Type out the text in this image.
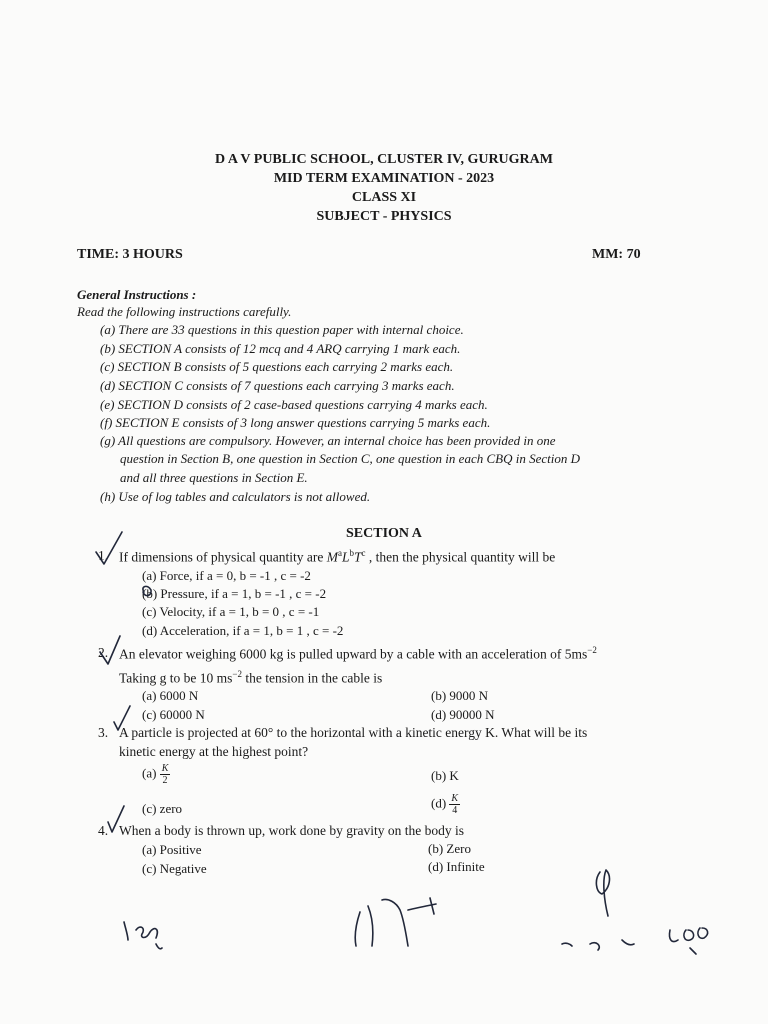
D A V PUBLIC SCHOOL, CLUSTER IV, GURUGRAM
MID TERM EXAMINATION - 2023
CLASS XI
SUBJECT - PHYSICS
TIME: 3 HOURS	MM: 70
General Instructions :
Read the following instructions carefully.
(a) There are 33 questions in this question paper with internal choice.
(b) SECTION A consists of 12 mcq and 4 ARQ carrying 1 mark each.
(c) SECTION B consists of 5 questions each carrying 2 marks each.
(d) SECTION C consists of 7 questions each carrying 3 marks each.
(e) SECTION D consists of 2 case-based questions carrying 4 marks each.
(f) SECTION E consists of 3 long answer questions carrying 5 marks each.
(g) All questions are compulsory. However, an internal choice has been provided in one
question in Section B, one question in Section C, one question in each CBQ in Section D
and all three questions in Section E.
(h) Use of log tables and calculators is not allowed.
SECTION A
1. If dimensions of physical quantity are $M^aL^bT^c$ , then the physical quantity will be
(a) Force, if a = 0, b = -1 , c = -2
(b) Pressure, if a = 1, b = -1 , c = -2
(c) Velocity, if a = 1, b = 0 , c = -1
(d) Acceleration, if a = 1, b = 1 , c = -2
2. An elevator weighing 6000 kg is pulled upward by a cable with an acceleration of $5ms^{-2}$
Taking g to be 10 $ms^{-2}$ the tension in the cable is
(a) 6000 N	(b) 9000 N
(c) 60000 N	(d) 90000 N
3. A particle is projected at 60° to the horizontal with a kinetic energy K. What will be its
kinetic energy at the highest point?
$(a) \frac{K}{2}$	(b) K
(c) zero	$(d) \frac{K}{4}$
4. When a body is thrown up, work done by gravity on the body is
(a) Positive	(b) Zero
(c) Negative	(d) Infinite
